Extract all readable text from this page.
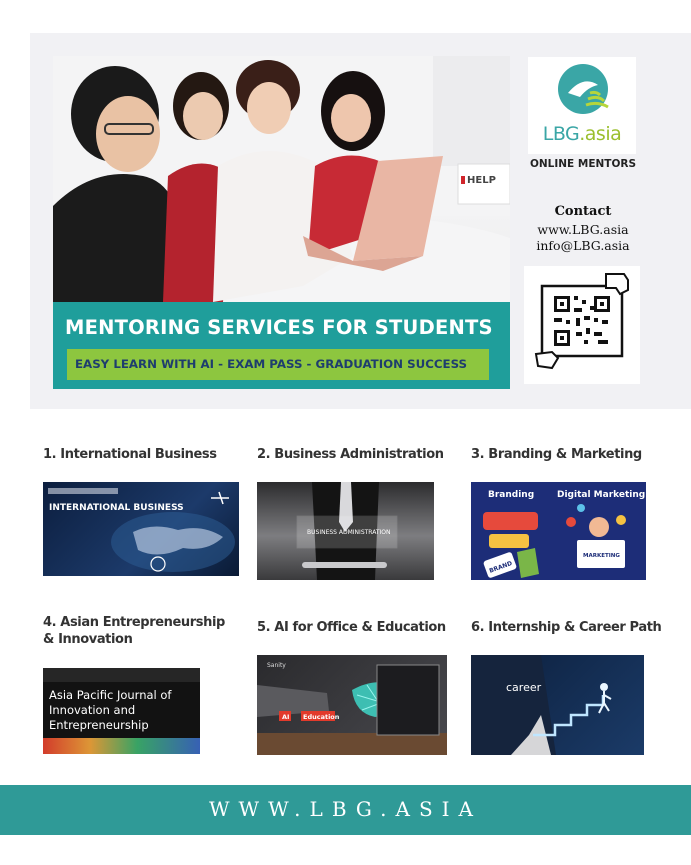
HELP
MENTORING SERVICES FOR STUDENTS
EASY LEARN WITH AI - EXAM PASS - GRADUATION SUCCESS
LBG.asia
ONLINE MENTORS
Contact
www.LBG.asia
info@LBG.asia
1. International Business	2. Business Administration	3. Branding & Marketing
4. Asian Entrepreneurship & Innovation
5. AI for Office & Education	6. Internship & Career Path
INTERNATIONAL BUSINESS
BUSINESS ADMINISTRATION
Branding	Digital Marketing
BRAND
MARKETING
Asia Pacific Journal of Innovation and Entrepreneurship
AI Education
Sanity
career
WWW.LBG.ASIA
